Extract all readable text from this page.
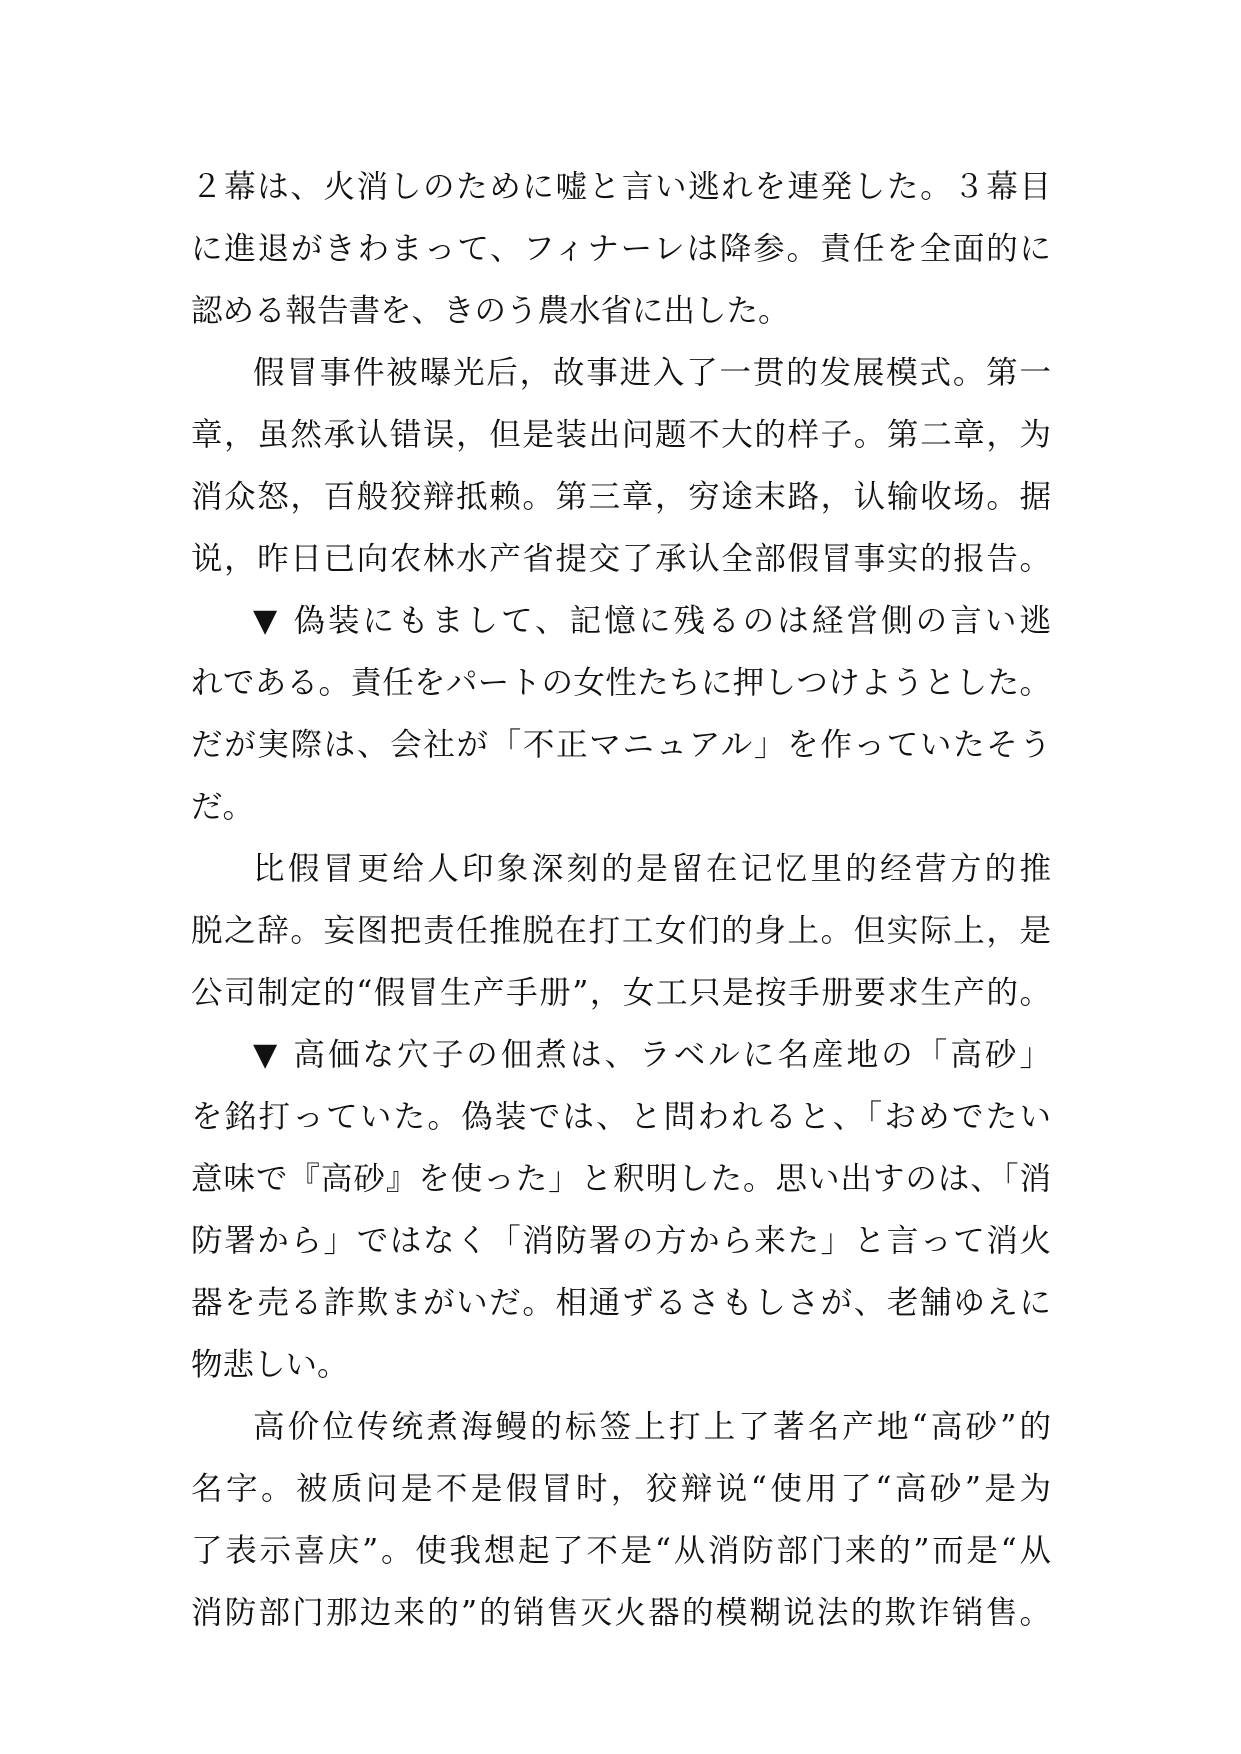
２幕は、火消しのために嘘と言い逃れを連発した。３幕目
に進退がきわまって、フィナーレは降参。責任を全面的に
認める報告書を、きのう農水省に出した。
假冒事件被曝光后，故事进入了一贯的发展模式。第一
章，虽然承认错误，但是装出问题不大的样子。第二章，为
消众怒，百般狡辩抵赖。第三章，穷途末路，认输收场。据
说，昨日已向农林水产省提交了承认全部假冒事实的报告。
▼ 偽装にもまして、記憶に残るのは経営側の言い逃
れである。責任をパートの女性たちに押しつけようとした。
だが実際は、会社が「不正マニュアル」を作っていたそう
だ。
比假冒更给人印象深刻的是留在记忆里的经营方的推
脱之辞。妄图把责任推脱在打工女们的身上。但实际上，是
公司制定的“假冒生产手册”，女工只是按手册要求生产的。
▼ 高価な穴子の佃煮は、ラベルに名産地の「高砂」
を銘打っていた。偽装では、と問われると、「おめでたい
意味で『高砂』を使った」と釈明した。思い出すのは、「消
防署から」ではなく「消防署の方から来た」と言って消火
器を売る詐欺まがいだ。相通ずるさもしさが、老舗ゆえに
物悲しい。
高价位传统煮海鳗的标签上打上了著名产地“高砂”的
名字。被质问是不是假冒时，狡辩说“使用了“高砂”是为
了表示喜庆”。使我想起了不是“从消防部门来的”而是“从
消防部门那边来的”的销售灭火器的模糊说法的欺诈销售。
